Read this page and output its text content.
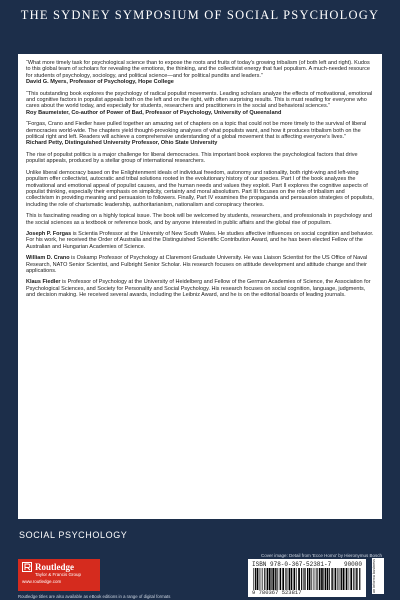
THE SYDNEY SYMPOSIUM OF SOCIAL PSYCHOLOGY
“What more timely task for psychological science than to expose the roots and fruits of today's growing tribalism (of both left and right). Kudos to this global team of scholars for revealing the emotions, the thinking, and the collectivist energy that fuel populism. A much-needed resource for students of psychology, sociology, and political science—and for political pundits and leaders.”
David G. Myers, Professor of Psychology, Hope College
“This outstanding book explores the psychology of radical populist movements. Leading scholars analyze the effects of motivational, emotional and cognitive factors in populist appeals both on the left and on the right, with often surprising results. This is must reading for everyone who cares about the world today, and especially for students, researchers and practitioners in the social and behavioral sciences.”
Roy Baumeister, Co-author of Power of Bad, Professor of Psychology, University of Queensland
“Forgas, Crano and Fiedler have pulled together an amazing set of chapters on a topic that could not be more timely to the survival of liberal democracies world-wide. The chapters yield thought-provoking analyses of what populists want, and how it produces tribalism both on the political right and left. Readers will achieve a comprehensive understanding of a global movement that is affecting everyone's lives.”
Richard Petty, Distinguished University Professor, Ohio State University

The rise of populist politics is a major challenge for liberal democracies. This important book explores the psychological factors that drive populist appeals, produced by a stellar group of international researchers.

Unlike liberal democracy based on the Enlightenment ideals of individual freedom, autonomy and rationality, both right-wing and left-wing populism offer collectivist, autocratic and tribal solutions rooted in the evolutionary history of our species. Part I of the book analyzes the motivational and emotional appeal of populist causes, and the human needs and values they exploit. Part II explores the cognitive aspects of populist thinking, especially their emphasis on simplicity, certainty and moral absolutism. Part III focuses on the role of tribalism and collectivism in providing meaning and persuasion to followers. Finally, Part IV examines the propaganda and persuasion strategies of populists, including the role of charismatic leadership, authoritarianism, nationalism and conspiracy theories.

This is fascinating reading on a highly topical issue. The book will be welcomed by students, researchers, and professionals in psychology and the social sciences as a textbook or reference book, and by anyone interested in public affairs and the global rise of populism.

Joseph P. Forgas is Scientia Professor at the University of New South Wales. He studies affective influences on social cognition and behavior. For his work, he received the Order of Australia and the Distinguished Scientific Contribution Award, and he has been elected Fellow of the Australian and Hungarian Academies of Science.

William D. Crano is Oskamp Professor of Psychology at Claremont Graduate University. He was Liaison Scientist for the US Office of Naval Research, NATO Senior Scientist, and Fulbright Senior Scholar. His research focuses on attitude development and attitude change and their applications.

Klaus Fiedler is Professor of Psychology at the University of Heidelberg and Fellow of the German Academies of Science, the Association for Psychological Sciences, and Society for Personality and Social Psychology. His research focuses on social cognition, language, judgments, and decision making. He received several awards, including the Leibniz Award, and he is on the editorial boards of leading journals.

SOCIAL PSYCHOLOGY
Cover image: Detail from 'Ecce Homo' by Hieronymus Bosch
Routledge
Taylor & Francis Group
www.routledge.com
Routledge titles are also available as eBook editions in a range of digital formats
ISBN 978-0-367-52381-7 90000
9 780367 523817	an informa business
